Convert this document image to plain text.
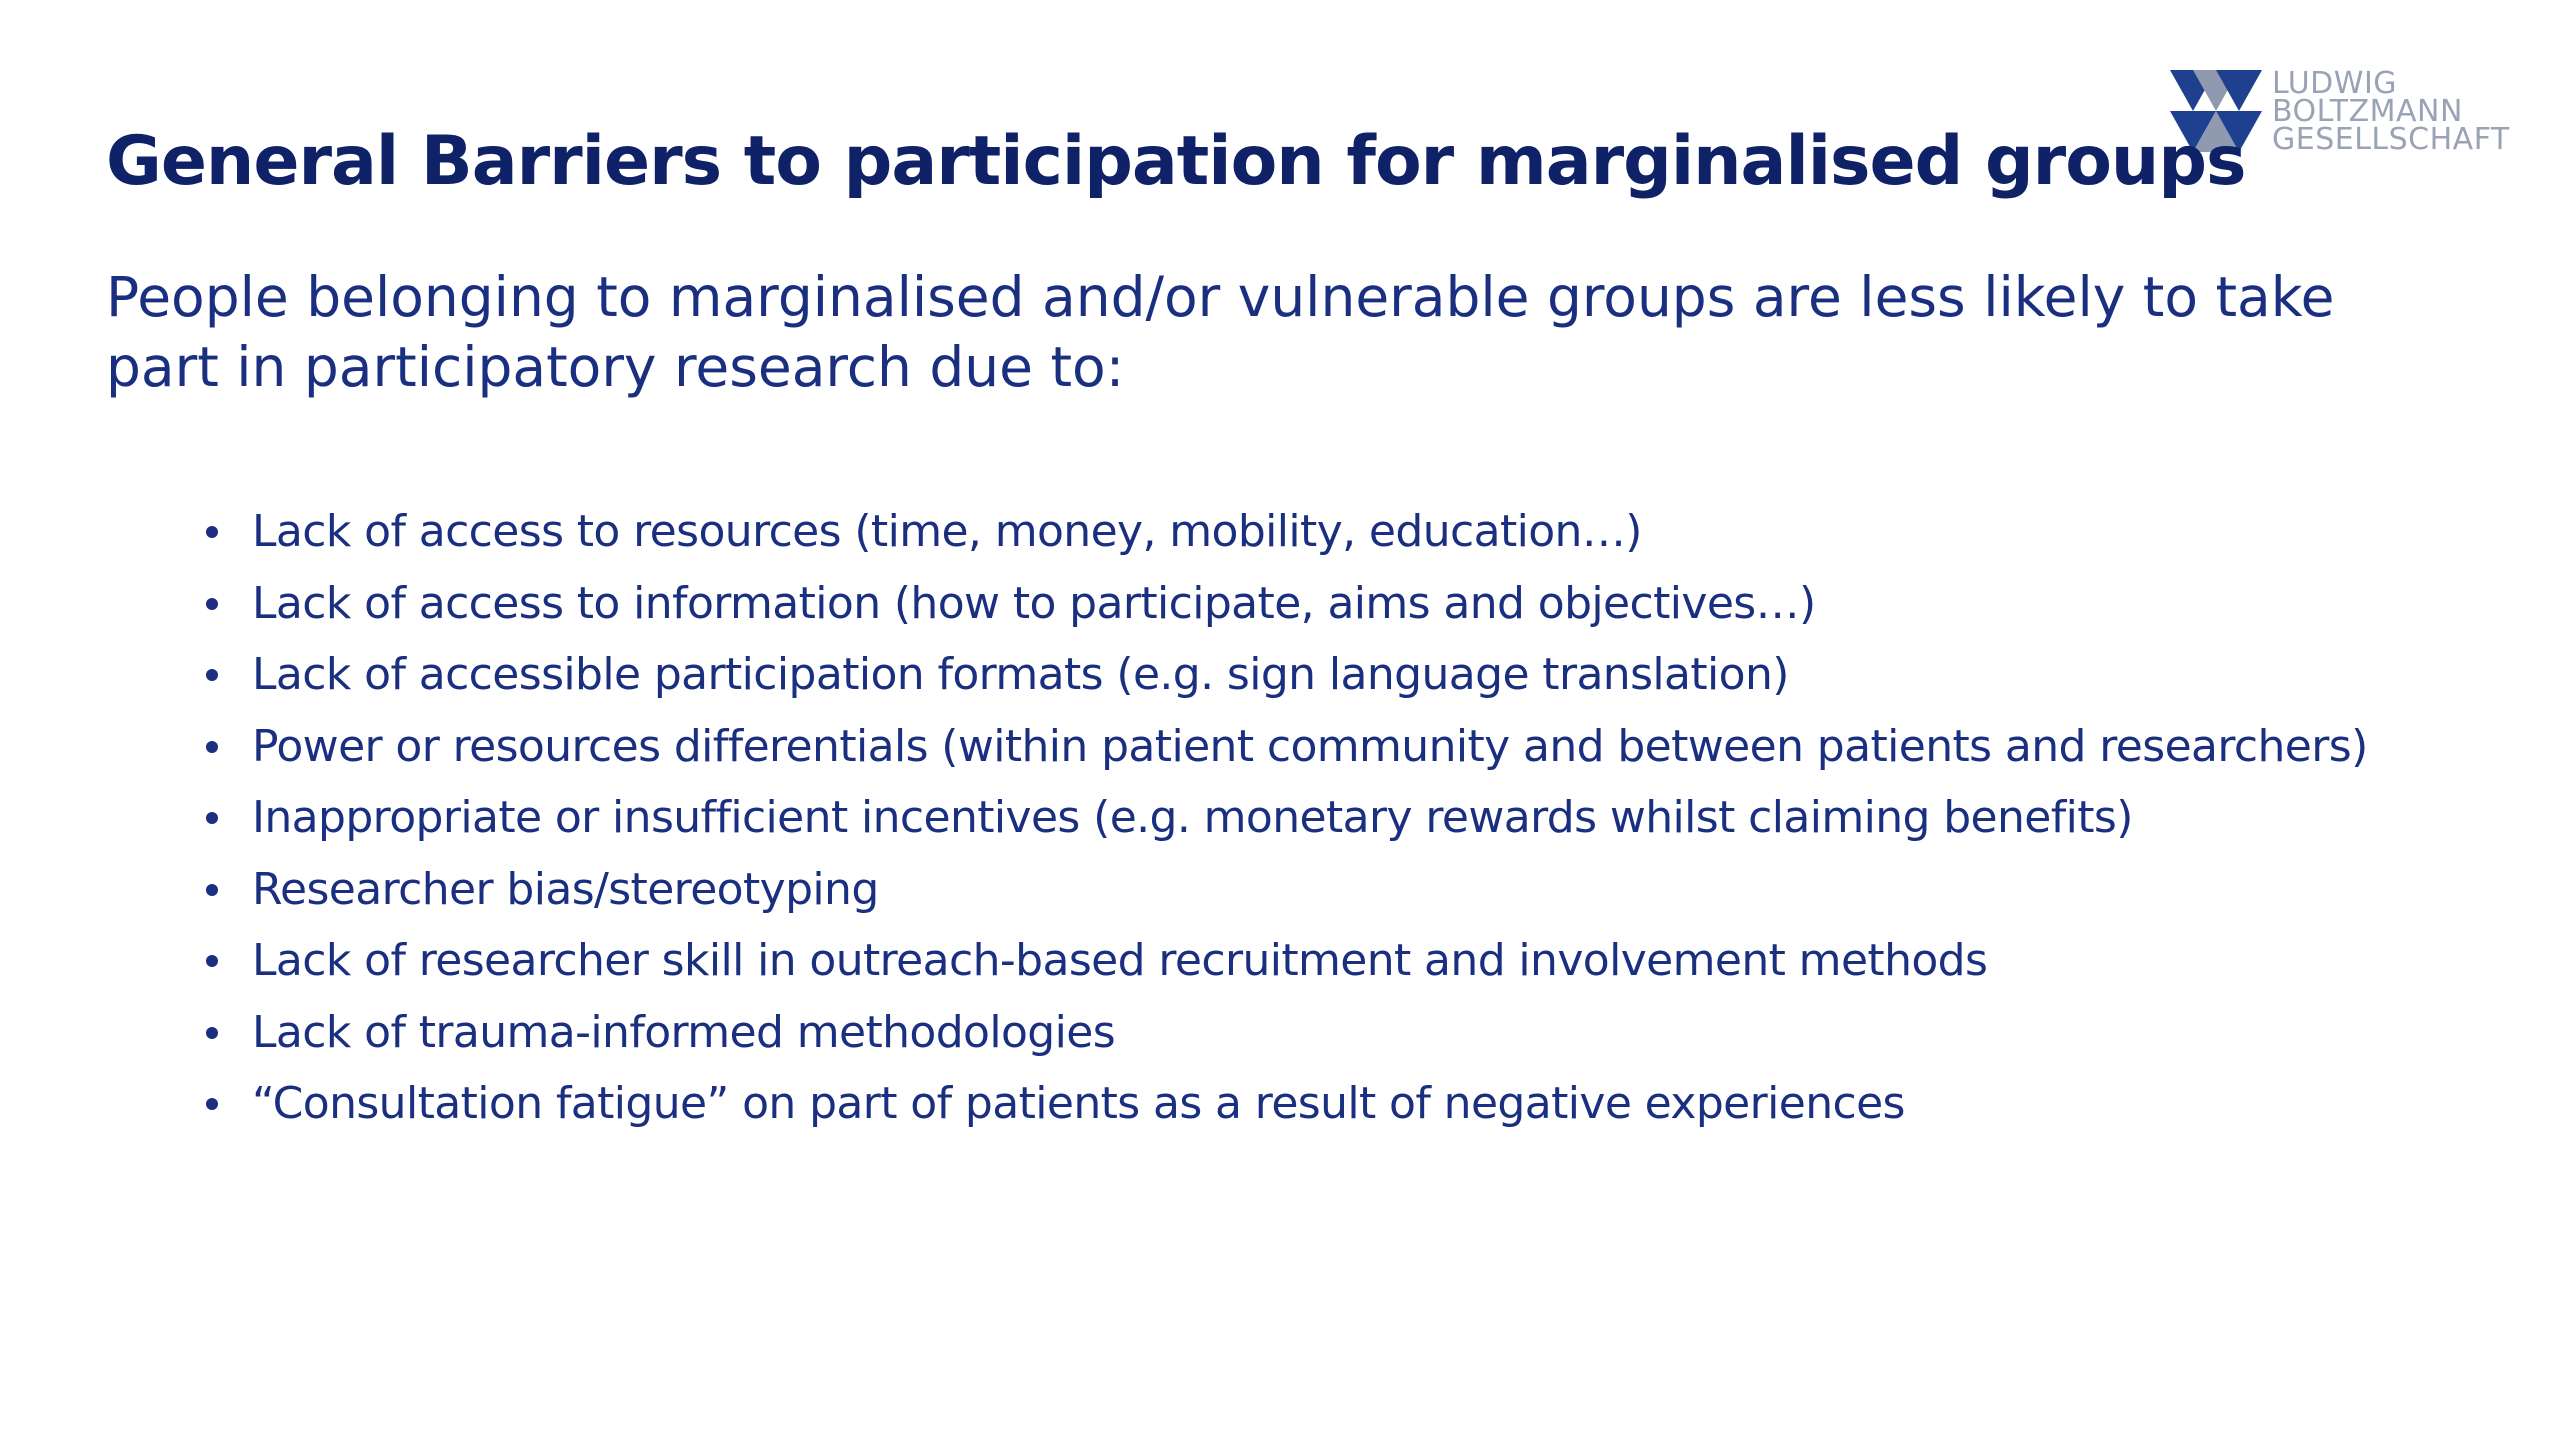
LUDWIG
BOLTZMANN
GESELLSCHAFT
General Barriers to participation for marginalised groups

People belonging to marginalised and/or vulnerable groups are less likely to take part in participatory research due to:

Lack of access to resources (time, money, mobility, education…)
Lack of access to information (how to participate, aims and objectives…)
Lack of accessible participation formats (e.g. sign language translation)
Power or resources differentials (within patient community and between patients and researchers)
Inappropriate or insufficient incentives (e.g. monetary rewards whilst claiming benefits)
Researcher bias/stereotyping
Lack of researcher skill in outreach-based recruitment and involvement methods
Lack of trauma-informed methodologies
“Consultation fatigue” on part of patients as a result of negative experiences
